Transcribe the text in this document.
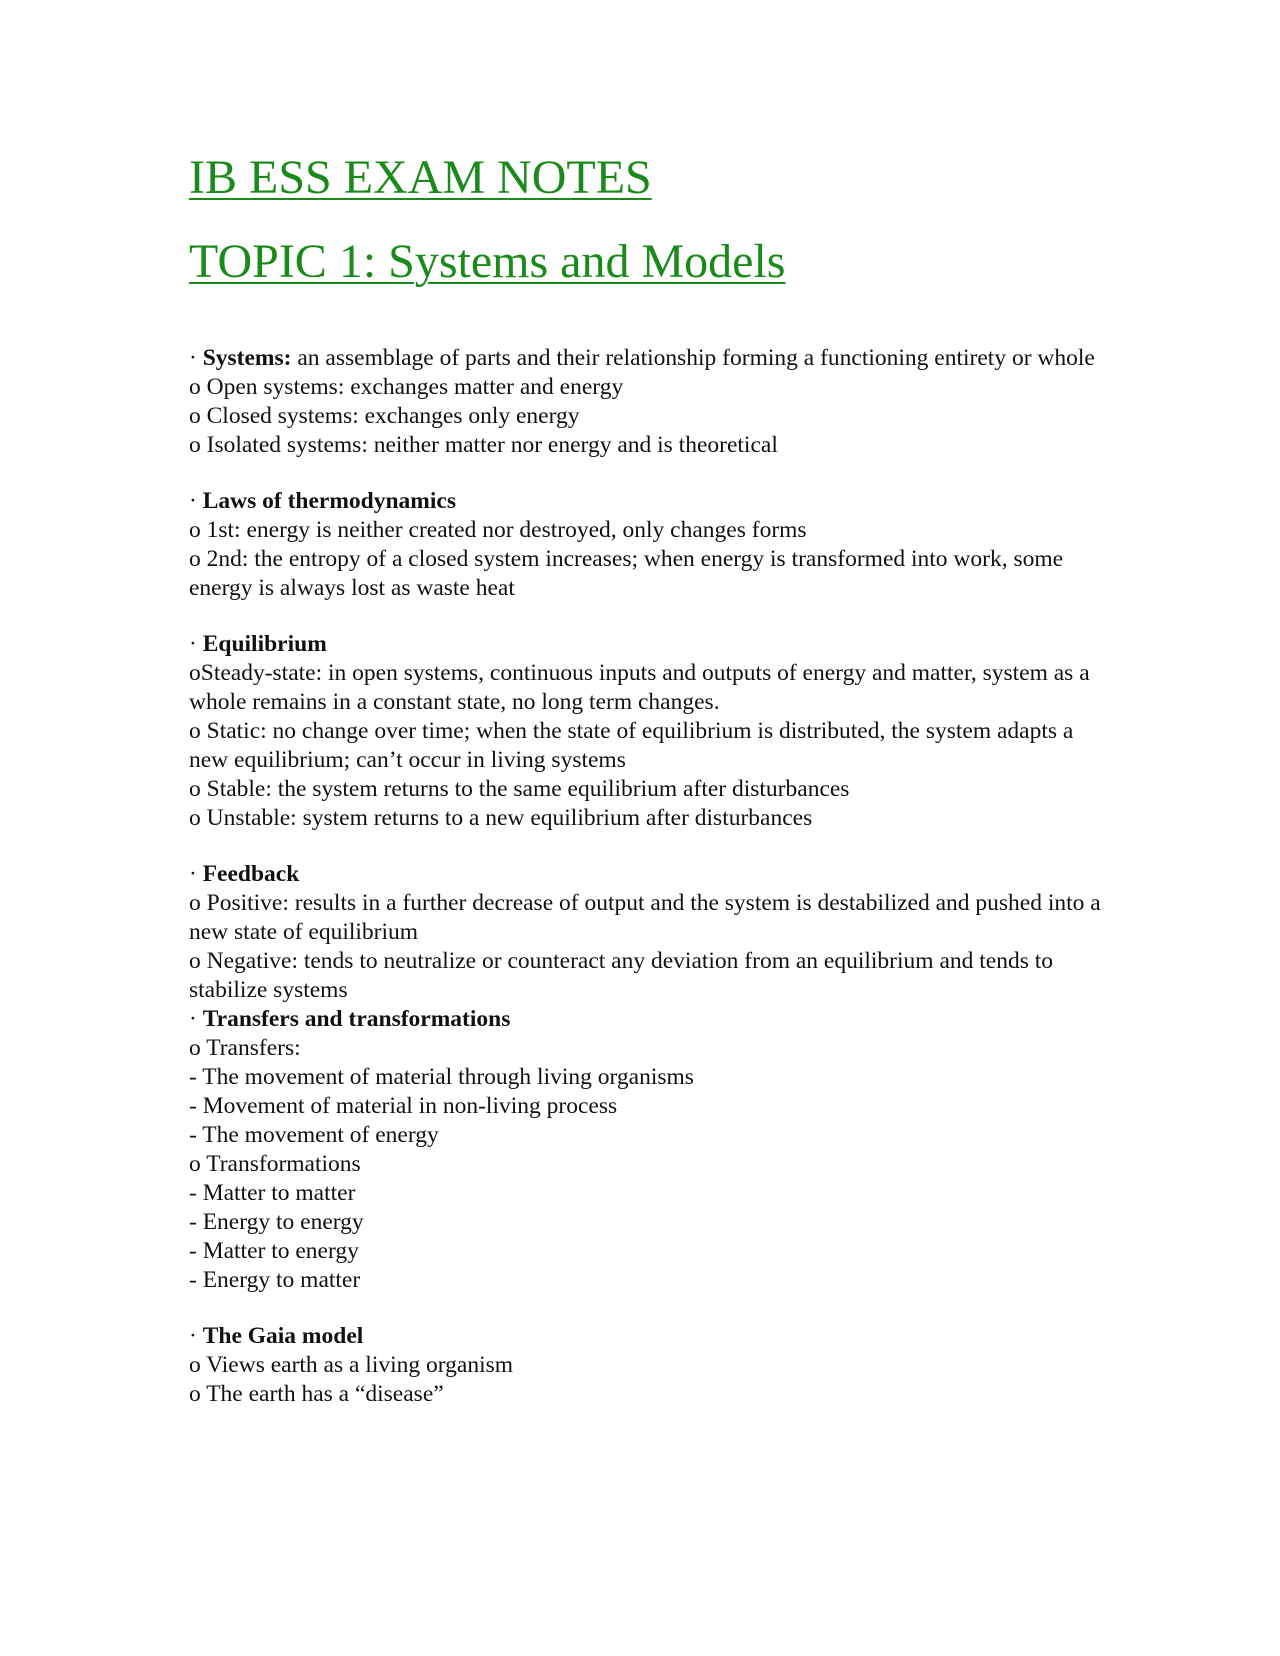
IB ESS EXAM NOTES
TOPIC 1: Systems and Models
· Systems: an assemblage of parts and their relationship forming a functioning entirety or whole
o Open systems: exchanges matter and energy
o Closed systems: exchanges only energy
o Isolated systems: neither matter nor energy and is theoretical
· Laws of thermodynamics
o 1st: energy is neither created nor destroyed, only changes forms
o 2nd: the entropy of a closed system increases; when energy is transformed into work, some energy is always lost as waste heat
· Equilibrium
oSteady-state: in open systems, continuous inputs and outputs of energy and matter, system as a whole remains in a constant state, no long term changes.
o Static: no change over time; when the state of equilibrium is distributed, the system adapts a new equilibrium; can’t occur in living systems
o Stable: the system returns to the same equilibrium after disturbances
o Unstable: system returns to a new equilibrium after disturbances
· Feedback
o Positive: results in a further decrease of output and the system is destabilized and pushed into a new state of equilibrium
o Negative: tends to neutralize or counteract any deviation from an equilibrium and tends to stabilize systems
· Transfers and transformations
o Transfers:
- The movement of material through living organisms
- Movement of material in non-living process
- The movement of energy
o Transformations
- Matter to matter
- Energy to energy
- Matter to energy
- Energy to matter
· The Gaia model
o Views earth as a living organism
o The earth has a “disease”
